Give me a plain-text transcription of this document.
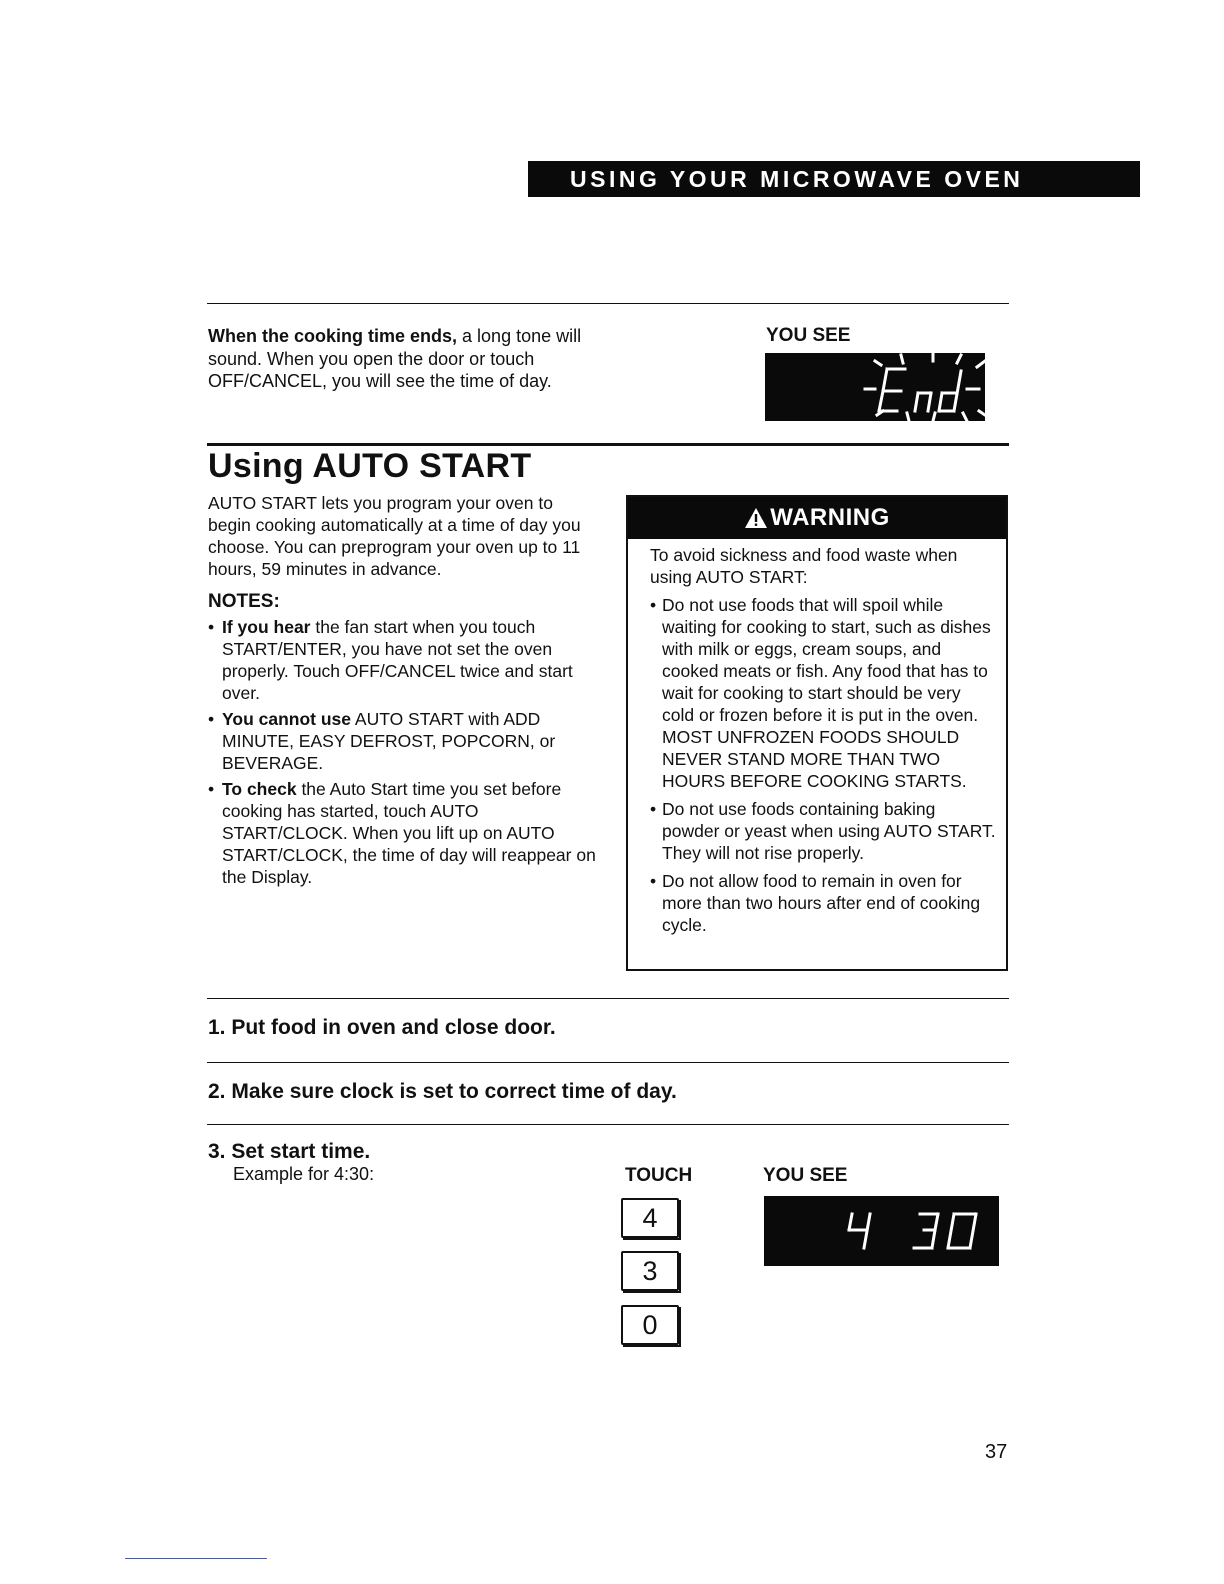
USING YOUR MICROWAVE OVEN
When the cooking time ends, a long tone will sound. When you open the door or touch OFF/CANCEL, you will see the time of day.
YOU SEE
Using AUTO START
AUTO START lets you program your oven to begin cooking automatically at a time of day you choose. You can preprogram your oven up to 11 hours, 59 minutes in advance.
NOTES:
• If you hear the fan start when you touch START/ENTER, you have not set the oven properly. Touch OFF/CANCEL twice and start over.
• You cannot use AUTO START with ADD MINUTE, EASY DEFROST, POPCORN, or BEVERAGE.
• To check the Auto Start time you set before cooking has started, touch AUTO START/CLOCK. When you lift up on AUTO START/CLOCK, the time of day will reappear on the Display.
WARNING

To avoid sickness and food waste when using AUTO START:

• Do not use foods that will spoil while waiting for cooking to start, such as dishes with milk or eggs, cream soups, and cooked meats or fish. Any food that has to wait for cooking to start should be very cold or frozen before it is put in the oven. MOST UNFROZEN FOODS SHOULD NEVER STAND MORE THAN TWO HOURS BEFORE COOKING STARTS.
• Do not use foods containing baking powder or yeast when using AUTO START. They will not rise properly.
• Do not allow food to remain in oven for more than two hours after end of cooking cycle.
1. Put food in oven and close door.
2. Make sure clock is set to correct time of day.
3. Set start time.
Example for 4:30:	TOUCH	YOU SEE
4
3
0
37
